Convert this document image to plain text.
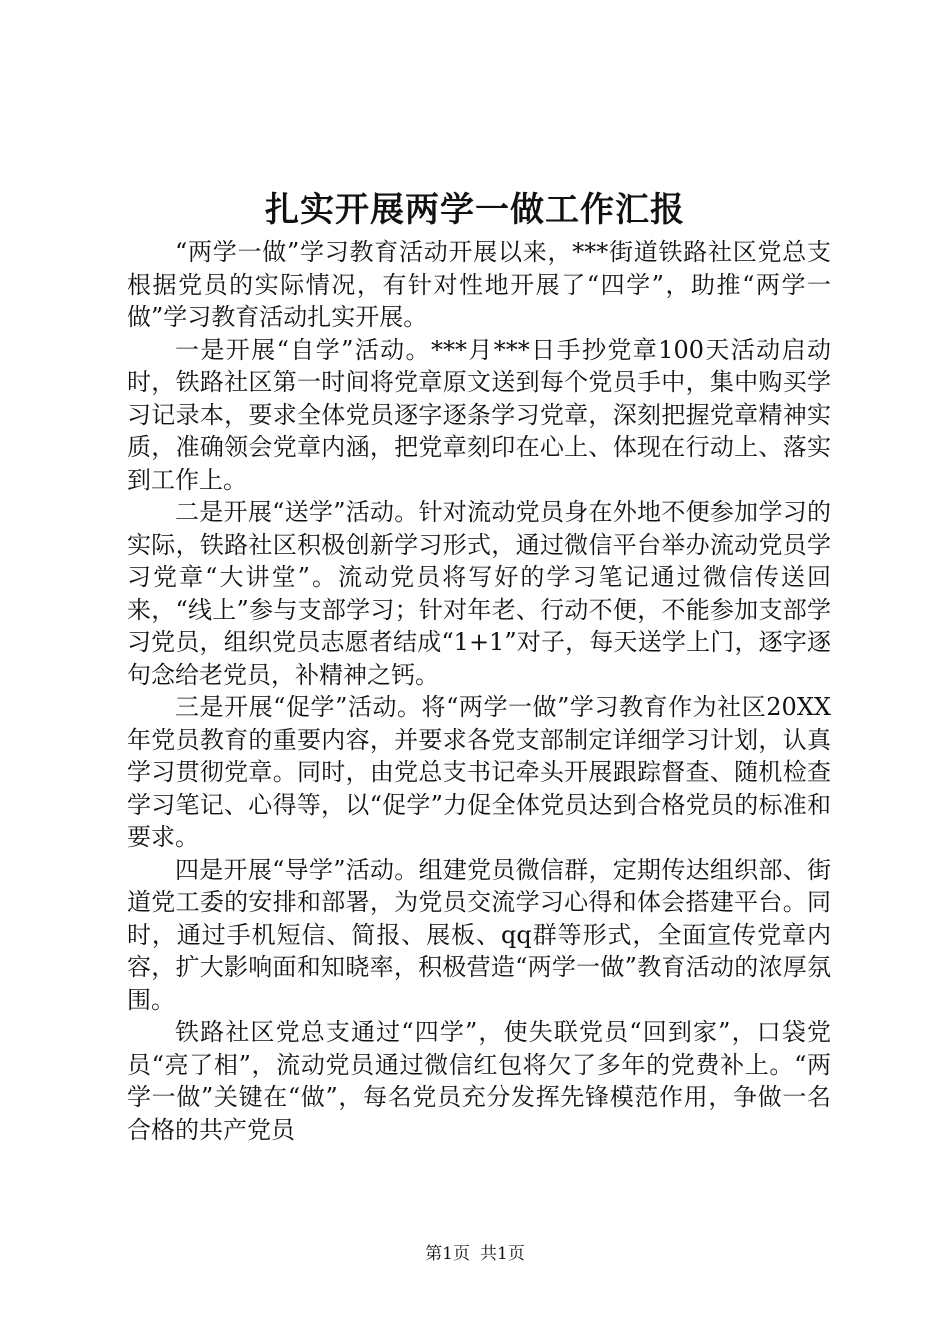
扎实开展两学一做工作汇报

“两学一做”学习教育活动开展以来，***街道铁路社区党总支根据党员的实际情况，有针对性地开展了“四学”，助推“两学一做”学习教育活动扎实开展。

一是开展“自学”活动。***月***日手抄党章100天活动启动时，铁路社区第一时间将党章原文送到每个党员手中，集中购买学习记录本，要求全体党员逐字逐条学习党章，深刻把握党章精神实质，准确领会党章内涵，把党章刻印在心上、体现在行动上、落实到工作上。

二是开展“送学”活动。针对流动党员身在外地不便参加学习的实际，铁路社区积极创新学习形式，通过微信平台举办流动党员学习党章“大讲堂”。流动党员将写好的学习笔记通过微信传送回来，“线上”参与支部学习；针对年老、行动不便，不能参加支部学习党员，组织党员志愿者结成“1+1”对子，每天送学上门，逐字逐句念给老党员，补精神之钙。

三是开展“促学”活动。将“两学一做”学习教育作为社区20XX年党员教育的重要内容，并要求各党支部制定详细学习计划，认真学习贯彻党章。同时，由党总支书记牵头开展跟踪督查、随机检查学习笔记、心得等，以“促学”力促全体党员达到合格党员的标准和要求。

四是开展“导学”活动。组建党员微信群，定期传达组织部、街道党工委的安排和部署，为党员交流学习心得和体会搭建平台。同时，通过手机短信、简报、展板、qq群等形式，全面宣传党章内容，扩大影响面和知晓率，积极营造“两学一做”教育活动的浓厚氛围。

铁路社区党总支通过“四学”，使失联党员“回到家”，口袋党员“亮了相”，流动党员通过微信红包将欠了多年的党费补上。“两学一做”关键在“做”，每名党员充分发挥先锋模范作用，争做一名合格的共产党员

第1页 共1页
